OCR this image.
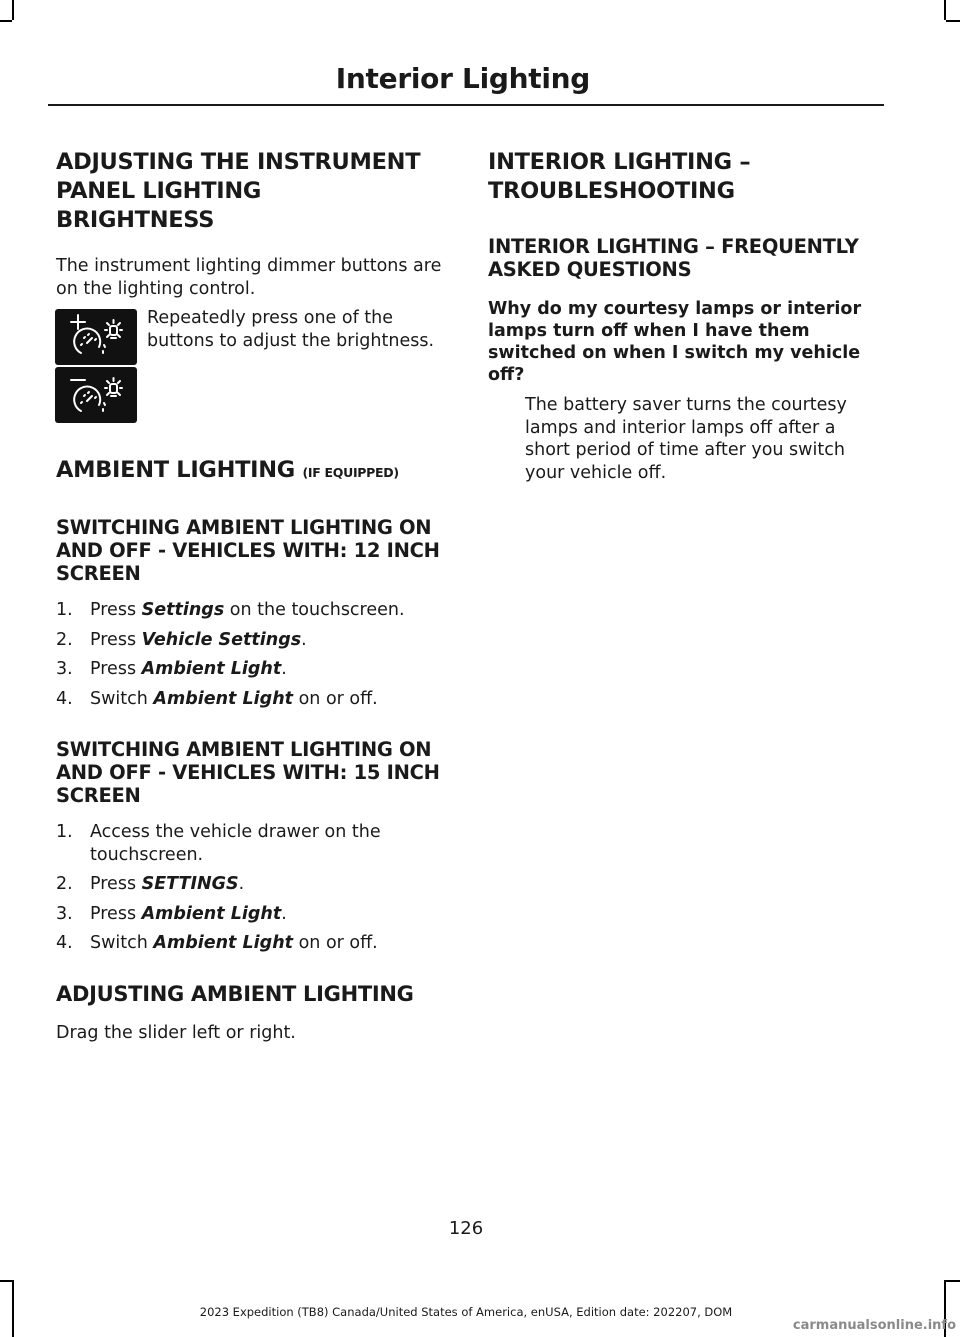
Interior Lighting
ADJUSTING THE INSTRUMENT
PANEL LIGHTING
BRIGHTNESS

The instrument lighting dimmer buttons are on the lighting control.

Repeatedly press one of the buttons to adjust the brightness.

AMBIENT LIGHTING (IF EQUIPPED)
SWITCHING AMBIENT LIGHTING ON AND OFF - VEHICLES WITH: 12 INCH SCREEN
1. Press Settings on the touchscreen.
2. Press Vehicle Settings.
3. Press Ambient Light.
4. Switch Ambient Light on or off.
SWITCHING AMBIENT LIGHTING ON AND OFF - VEHICLES WITH: 15 INCH SCREEN
1. Access the vehicle drawer on the touchscreen.
2. Press SETTINGS.
3. Press Ambient Light.
4. Switch Ambient Light on or off.
ADJUSTING AMBIENT LIGHTING

Drag the slider left or right.

INTERIOR LIGHTING –
TROUBLESHOOTING
INTERIOR LIGHTING – FREQUENTLY ASKED QUESTIONS
Why do my courtesy lamps or interior lamps turn off when I have them switched on when I switch my vehicle off?

The battery saver turns the courtesy lamps and interior lamps off after a short period of time after you switch your vehicle off.

126
2023 Expedition (TB8) Canada/United States of America, enUSA, Edition date: 202207, DOM
carmanualsonline.info
